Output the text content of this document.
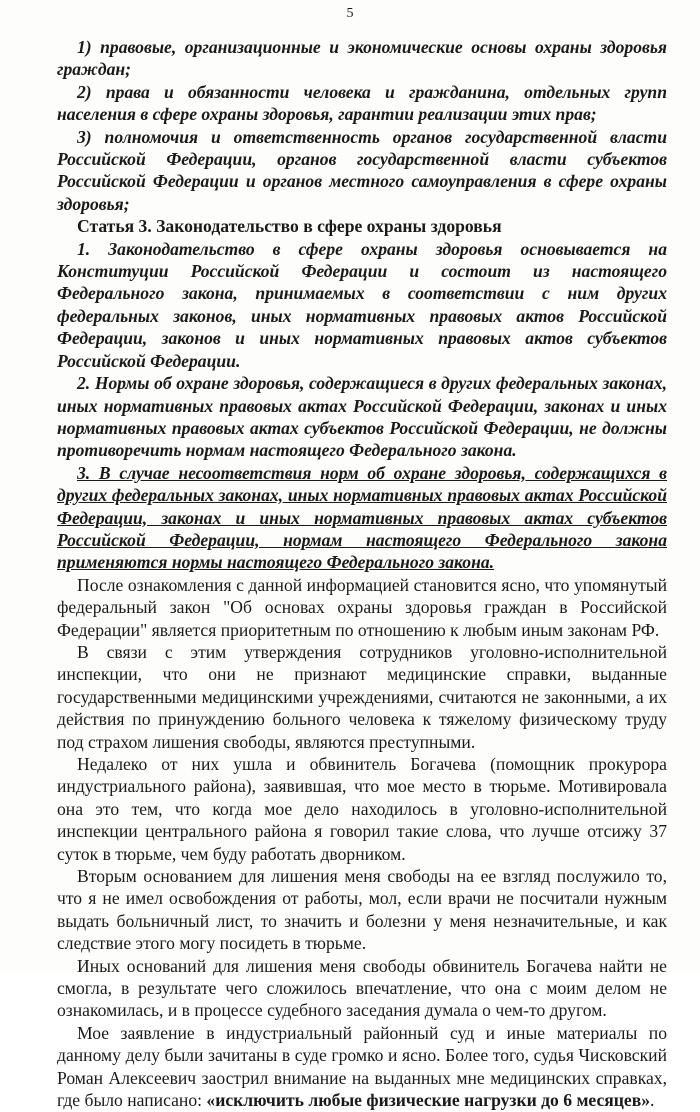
5

1) правовые, организационные и экономические основы охраны здоровья граждан;

2) права и обязанности человека и гражданина, отдельных групп населения в сфере охраны здоровья, гарантии реализации этих прав;

3) полномочия и ответственность органов государственной власти Российской Федерации, органов государственной власти субъектов Российской Федерации и органов местного самоуправления в сфере охраны здоровья;

Статья 3. Законодательство в сфере охраны здоровья

1. Законодательство в сфере охраны здоровья основывается на Конституции Российской Федерации и состоит из настоящего Федерального закона, принимаемых в соответствии с ним других федеральных законов, иных нормативных правовых актов Российской Федерации, законов и иных нормативных правовых актов субъектов Российской Федерации.

2. Нормы об охране здоровья, содержащиеся в других федеральных законах, иных нормативных правовых актах Российской Федерации, законах и иных нормативных правовых актах субъектов Российской Федерации, не должны противоречить нормам настоящего Федерального закона.

3. В случае несоответствия норм об охране здоровья, содержащихся в других федеральных законах, иных нормативных правовых актах Российской Федерации, законах и иных нормативных правовых актах субъектов Российской Федерации, нормам настоящего Федерального закона применяются нормы настоящего Федерального закона.

После ознакомления с данной информацией становится ясно, что упомянутый федеральный закон "Об основах охраны здоровья граждан в Российской Федерации" является приоритетным по отношению к любым иным законам РФ.

В связи с этим утверждения сотрудников уголовно-исполнительной инспекции, что они не признают медицинские справки, выданные государственными медицинскими учреждениями, считаются не законными, а их действия по принуждению больного человека к тяжелому физическому труду под страхом лишения свободы, являются преступными.

Недалеко от них ушла и обвинитель Богачева (помощник прокурора индустриального района), заявившая, что мое место в тюрьме. Мотивировала она это тем, что когда мое дело находилось в уголовно-исполнительной инспекции центрального района я говорил такие слова, что лучше отсижу 37 суток в тюрьме, чем буду работать дворником.

Вторым основанием для лишения меня свободы на ее взгляд послужило то, что я не имел освобождения от работы, мол, если врачи не посчитали нужным выдать больничный лист, то значить и болезни у меня незначительные, и как следствие этого могу посидеть в тюрьме.

Иных оснований для лишения меня свободы обвинитель Богачева найти не смогла, в результате чего сложилось впечатление, что она с моим делом не ознакомилась, и в процессе судебного заседания думала о чем-то другом.

Мое заявление в индустриальный районный суд и иные материалы по данному делу были зачитаны в суде громко и ясно. Более того, судья Чисковский Роман Алексеевич заострил внимание на выданных мне медицинских справках, где было написано: «исключить любые физические нагрузки до 6 месяцев».
